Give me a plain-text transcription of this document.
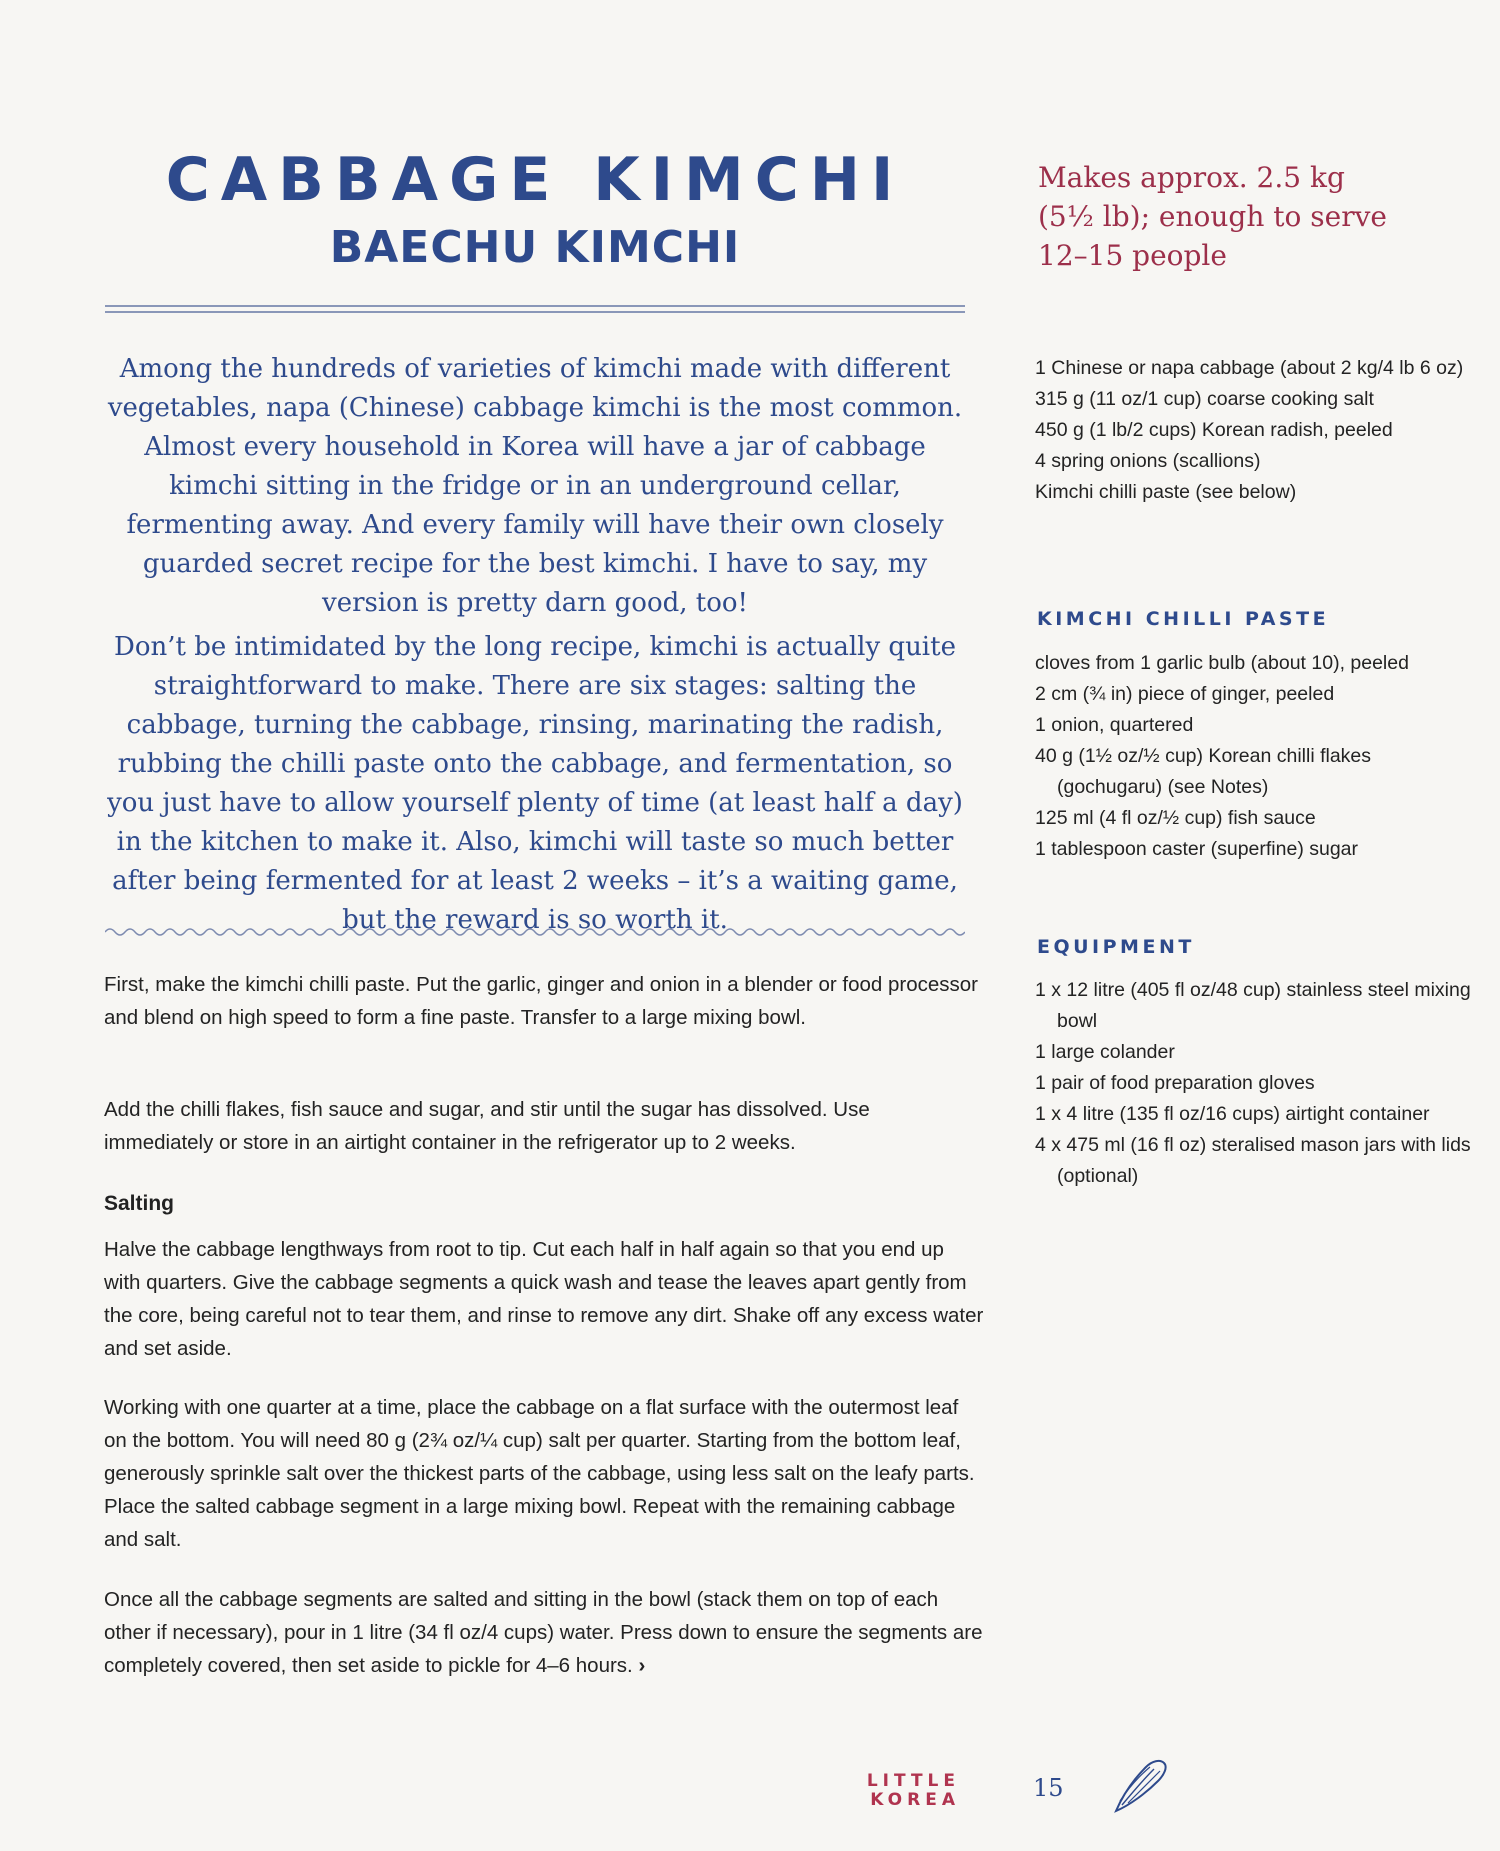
CABBAGE KIMCHI
BAECHU KIMCHI
Makes approx. 2.5 kg
(5½ lb); enough to serve
12–15 people

Among the hundreds of varieties of kimchi made with different vegetables, napa (Chinese) cabbage kimchi is the most common. Almost every household in Korea will have a jar of cabbage kimchi sitting in the fridge or in an underground cellar, fermenting away. And every family will have their own closely guarded secret recipe for the best kimchi. I have to say, my version is pretty darn good, too!

Don’t be intimidated by the long recipe, kimchi is actually quite straightforward to make. There are six stages: salting the cabbage, turning the cabbage, rinsing, marinating the radish, rubbing the chilli paste onto the cabbage, and fermentation, so you just have to allow yourself plenty of time (at least half a day) in the kitchen to make it. Also, kimchi will taste so much better after being fermented for at least 2 weeks – it’s a waiting game, but the reward is so worth it.

First, make the kimchi chilli paste. Put the garlic, ginger and onion in a blender or food processor and blend on high speed to form a fine paste. Transfer to a large mixing bowl.

Add the chilli flakes, fish sauce and sugar, and stir until the sugar has dissolved. Use immediately or store in an airtight container in the refrigerator up to 2 weeks.

Salting

Halve the cabbage lengthways from root to tip. Cut each half in half again so that you end up with quarters. Give the cabbage segments a quick wash and tease the leaves apart gently from the core, being careful not to tear them, and rinse to remove any dirt. Shake off any excess water and set aside.

Working with one quarter at a time, place the cabbage on a flat surface with the outermost leaf on the bottom. You will need 80 g (2¾ oz/¼ cup) salt per quarter. Starting from the bottom leaf, generously sprinkle salt over the thickest parts of the cabbage, using less salt on the leafy parts. Place the salted cabbage segment in a large mixing bowl. Repeat with the remaining cabbage and salt.

Once all the cabbage segments are salted and sitting in the bowl (stack them on top of each other if necessary), pour in 1 litre (34 fl oz/4 cups) water. Press down to ensure the segments are completely covered, then set aside to pickle for 4–6 hours. ›

1 Chinese or napa cabbage (about 2 kg/4 lb 6 oz)
315 g (11 oz/1 cup) coarse cooking salt
450 g (1 lb/2 cups) Korean radish, peeled
4 spring onions (scallions)
Kimchi chilli paste (see below)
KIMCHI CHILLI PASTE
cloves from 1 garlic bulb (about 10), peeled
2 cm (¾ in) piece of ginger, peeled
1 onion, quartered
40 g (1½ oz/½ cup) Korean chilli flakes (gochugaru) (see Notes)
125 ml (4 fl oz/½ cup) fish sauce
1 tablespoon caster (superfine) sugar
EQUIPMENT
1 x 12 litre (405 fl oz/48 cup) stainless steel mixing bowl
1 large colander
1 pair of food preparation gloves
1 x 4 litre (135 fl oz/16 cups) airtight container
4 x 475 ml (16 fl oz) steralised mason jars with lids (optional)
LITTLE
KOREA	15
